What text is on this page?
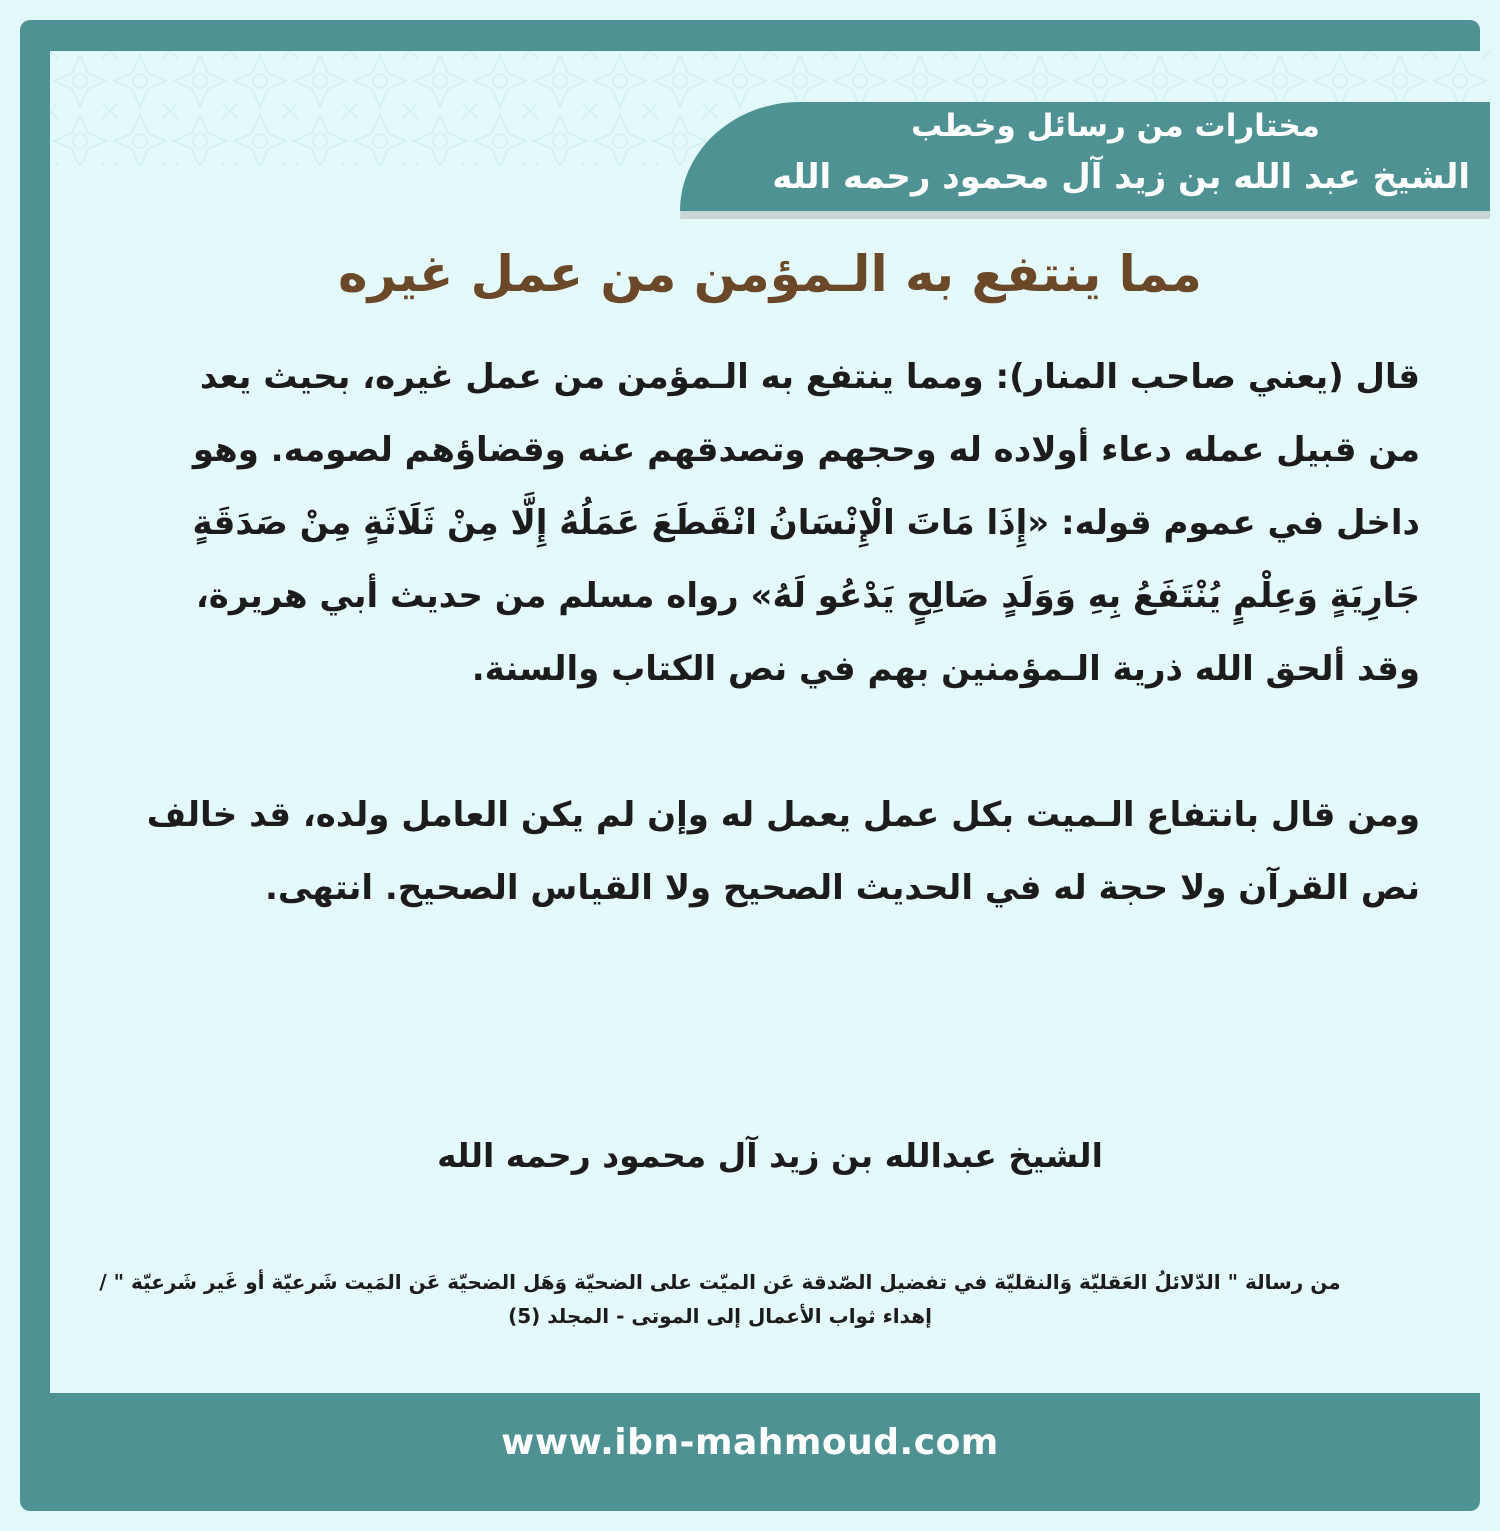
مختارات من رسائل وخطب
الشيخ عبد الله بن زيد آل محمود رحمه الله
مما ينتفع به الـمؤمن من عمل غيره

قال (يعني صاحب المنار): ومما ينتفع به الـمؤمن من عمل غيره، بحيث يعد من قبيل عمله دعاء أولاده له وحجهم وتصدقهم عنه وقضاؤهم لصومه. وهو داخل في عموم قوله: «إِذَا مَاتَ الْإِنْسَانُ انْقَطَعَ عَمَلُهُ إِلَّا مِنْ ثَلَاثَةٍ مِنْ صَدَقَةٍ جَارِيَةٍ وَعِلْمٍ يُنْتَفَعُ بِهِ وَوَلَدٍ صَالِحٍ يَدْعُو لَهُ» رواه مسلم من حديث أبي هريرة، وقد ألحق الله ذرية الـمؤمنين بهم في نص الكتاب والسنة.

ومن قال بانتفاع الـميت بكل عمل يعمل له وإن لم يكن العامل ولده، قد خالف نص القرآن ولا حجة له في الحديث الصحيح ولا القياس الصحيح. انتهى.

الشيخ عبدالله بن زيد آل محمود رحمه الله
من رسالة " الدّلائلُ العَقليّة وَالنقليّة في تفضيل الصّدقة عَن الميّت على الضحيّة وَهَل الضحيّة عَن المَيت شَرعيّة أو غَير شَرعيّة " / إهداء ثواب الأعمال إلى الموتى - المجلد (5)
www.ibn-mahmoud.com
